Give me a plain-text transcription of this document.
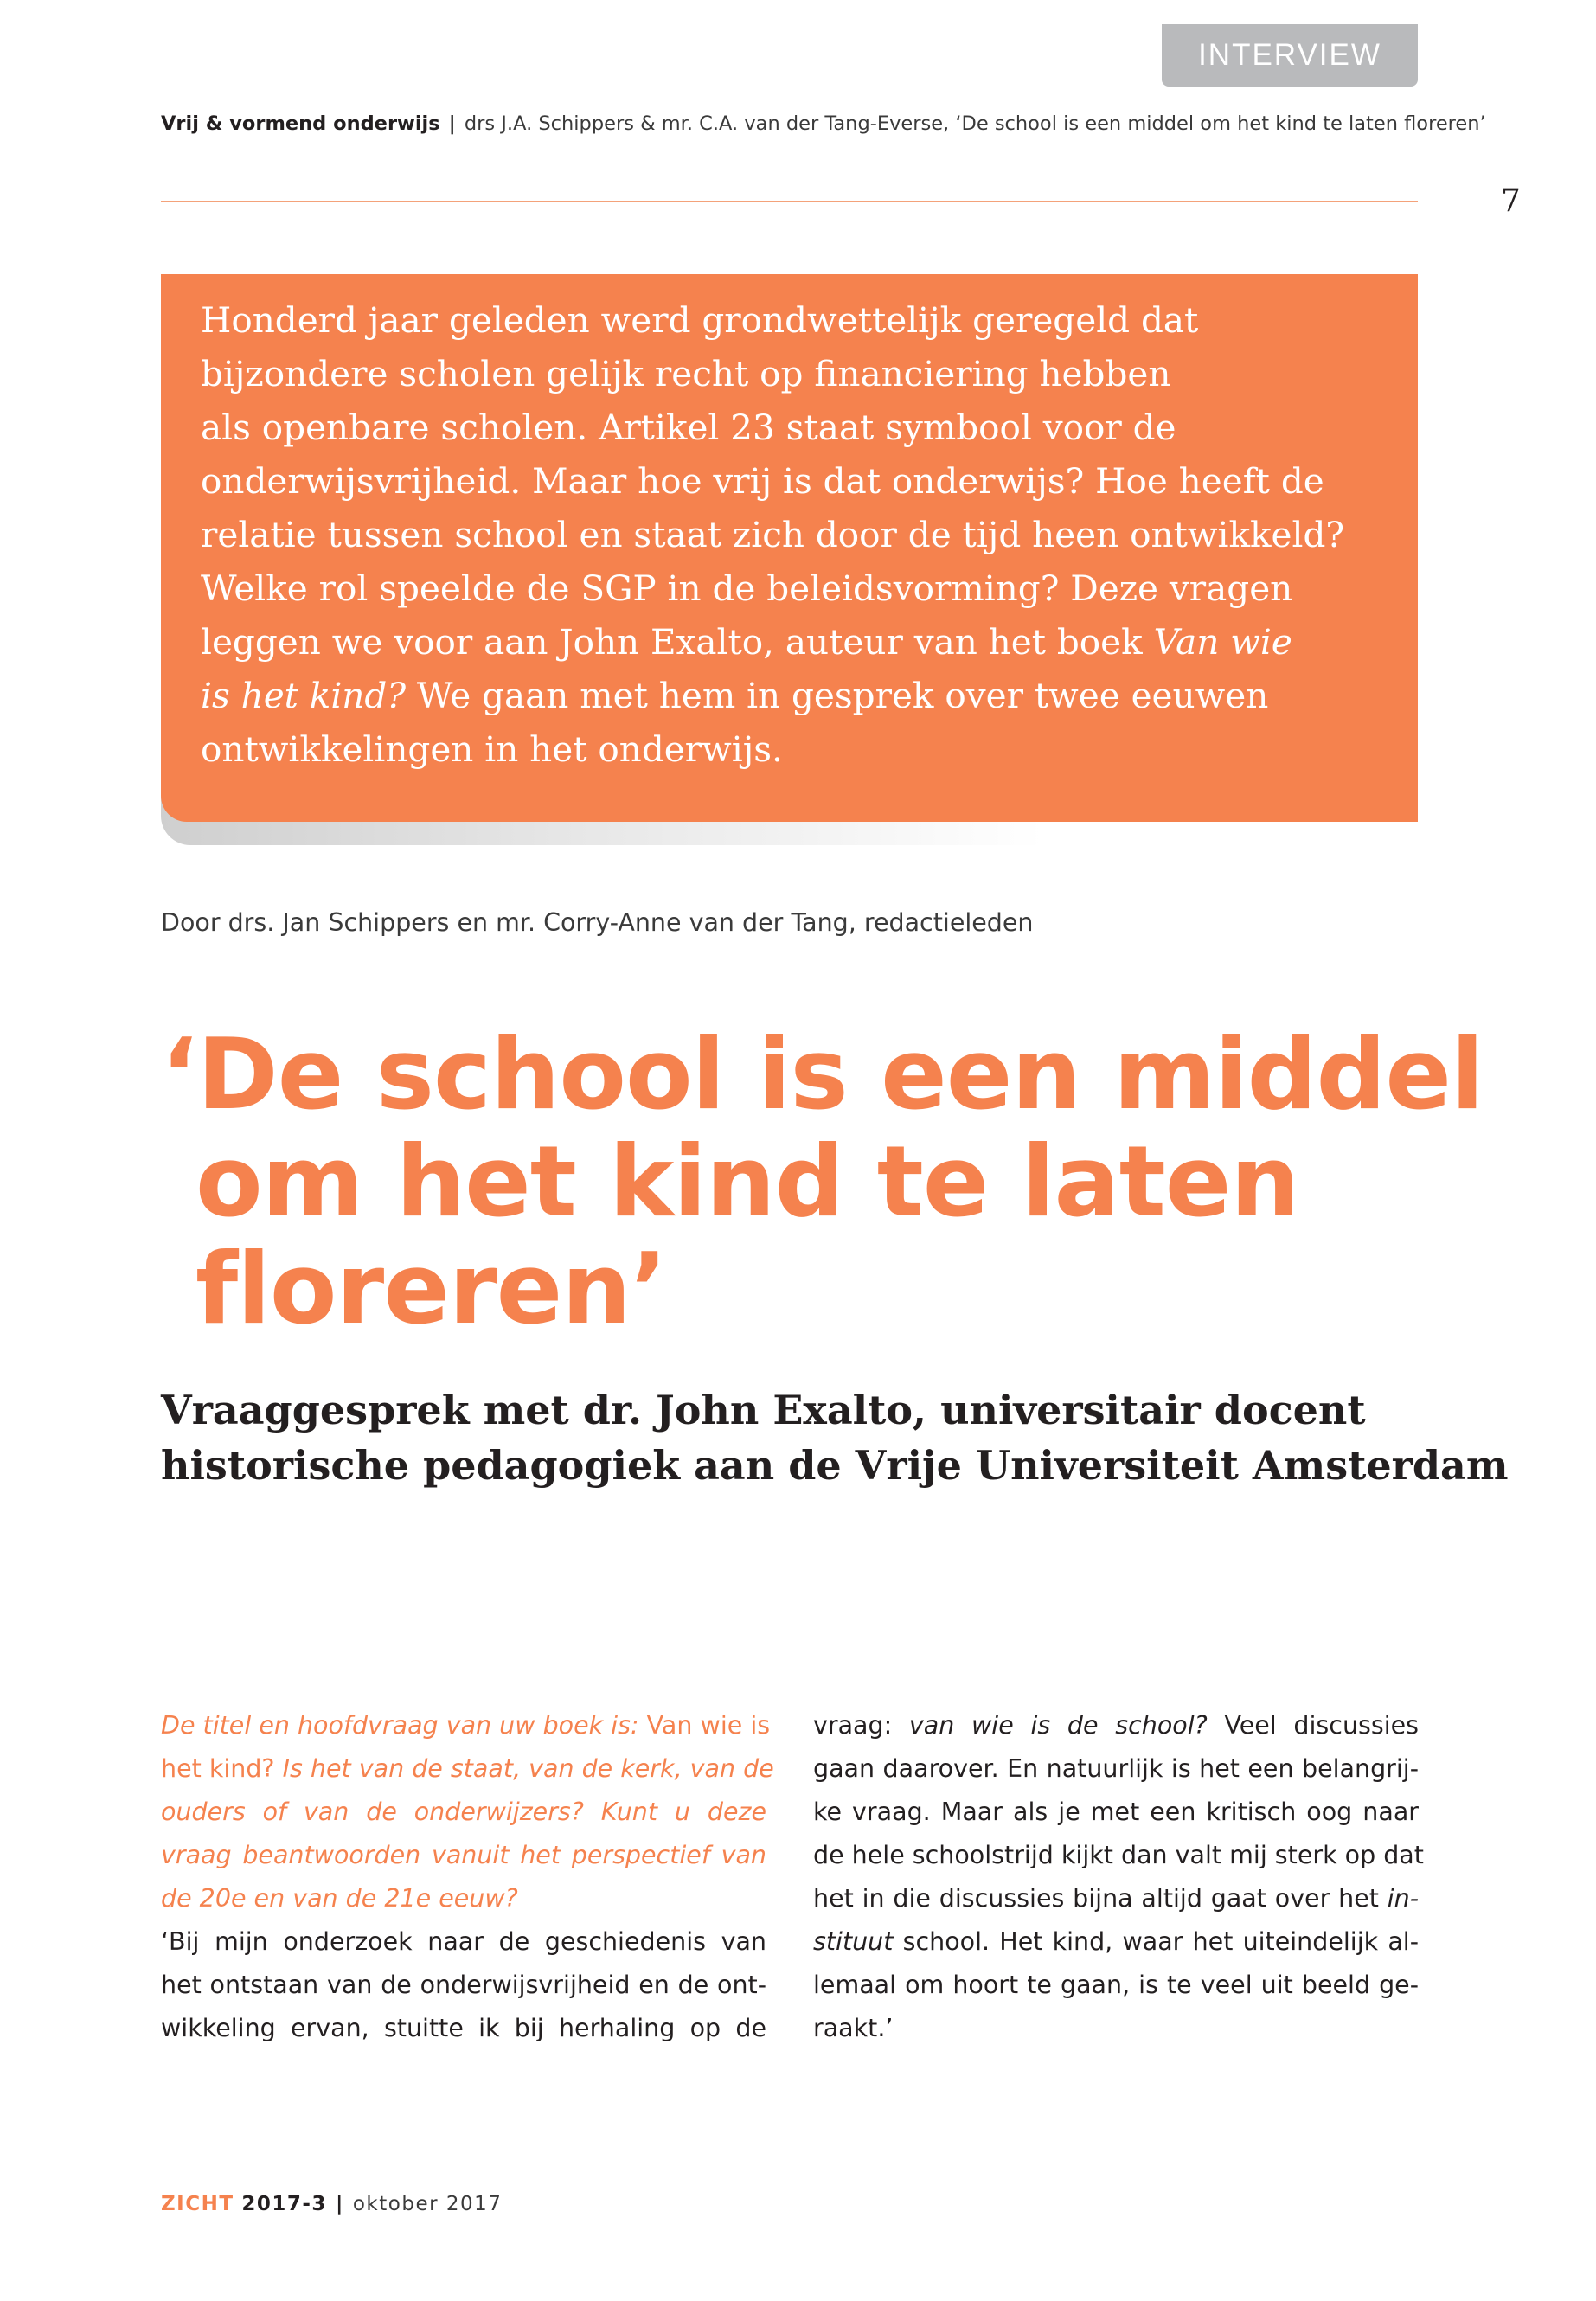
INTERVIEW
Vrij & vormend onderwijs | drs J.A. Schippers & mr. C.A. van der Tang-Everse, ‘De school is een middel om het kind te laten floreren’
7

Honderd jaar geleden werd grondwettelijk geregeld dat
bijzondere scholen gelijk recht op financiering hebben
als openbare scholen. Artikel 23 staat symbool voor de
onderwijsvrijheid. Maar hoe vrij is dat onderwijs? Hoe heeft de
relatie tussen school en staat zich door de tijd heen ontwikkeld?
Welke rol speelde de SGP in de beleidsvorming? Deze vragen
leggen we voor aan John Exalto, auteur van het boek Van wie
is het kind? We gaan met hem in gesprek over twee eeuwen
ontwikkelingen in het onderwijs.

Door drs. Jan Schippers en mr. Corry-Anne van der Tang, redactieleden
‘De school is een middel
om het kind te laten
floreren’
Vraaggesprek met dr. John Exalto, universitair docent
historische pedagogiek aan de Vrije Universiteit Amsterdam
De titel en hoofdvraag van uw boek is: Van wie is
het kind? Is het van de staat, van de kerk, van de
ouders of van de onderwijzers? Kunt u deze
vraag beantwoorden vanuit het perspectief van
de 20e en van de 21e eeuw?
‘Bij mijn onderzoek naar de geschiedenis van
het ontstaan van de onderwijsvrijheid en de ont-
wikkeling ervan, stuitte ik bij herhaling op de
vraag: van wie is de school? Veel discussies
gaan daarover. En natuurlijk is het een belangrij-
ke vraag. Maar als je met een kritisch oog naar
de hele schoolstrijd kijkt dan valt mij sterk op dat
het in die discussies bijna altijd gaat over het in-
stituut school. Het kind, waar het uiteindelijk al-
lemaal om hoort te gaan, is te veel uit beeld ge-
raakt.’
ZICHT 2017-3 | oktober 2017
